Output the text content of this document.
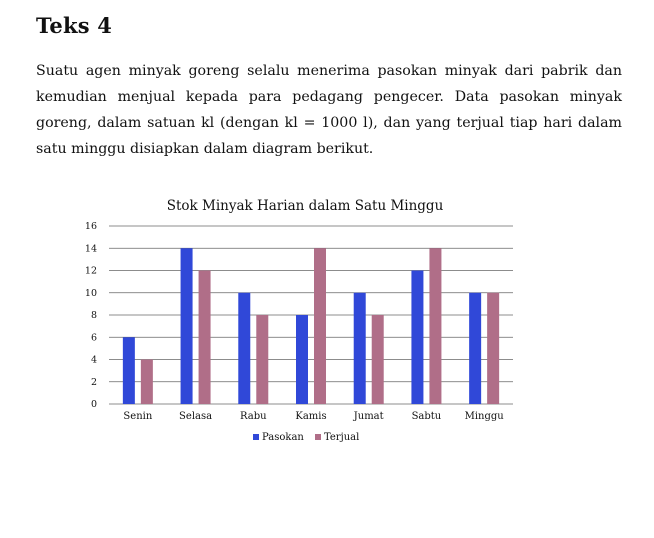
Teks 4

Suatu agen minyak goreng selalu menerima pasokan minyak dari pabrik dan kemudian menjual kepada para pedagang pengecer. Data pasokan minyak goreng, dalam satuan kl (dengan kl = 1000 l), dan yang terjual tiap hari dalam satu minggu disiapkan dalam diagram berikut.

Stok Minyak Harian dalam Satu Minggu
0
2
4
6
8
10
12
14
16
Senin	Selasa	Rabu	Kamis	Jumat	Sabtu Minggu
Pasokan Terjual
